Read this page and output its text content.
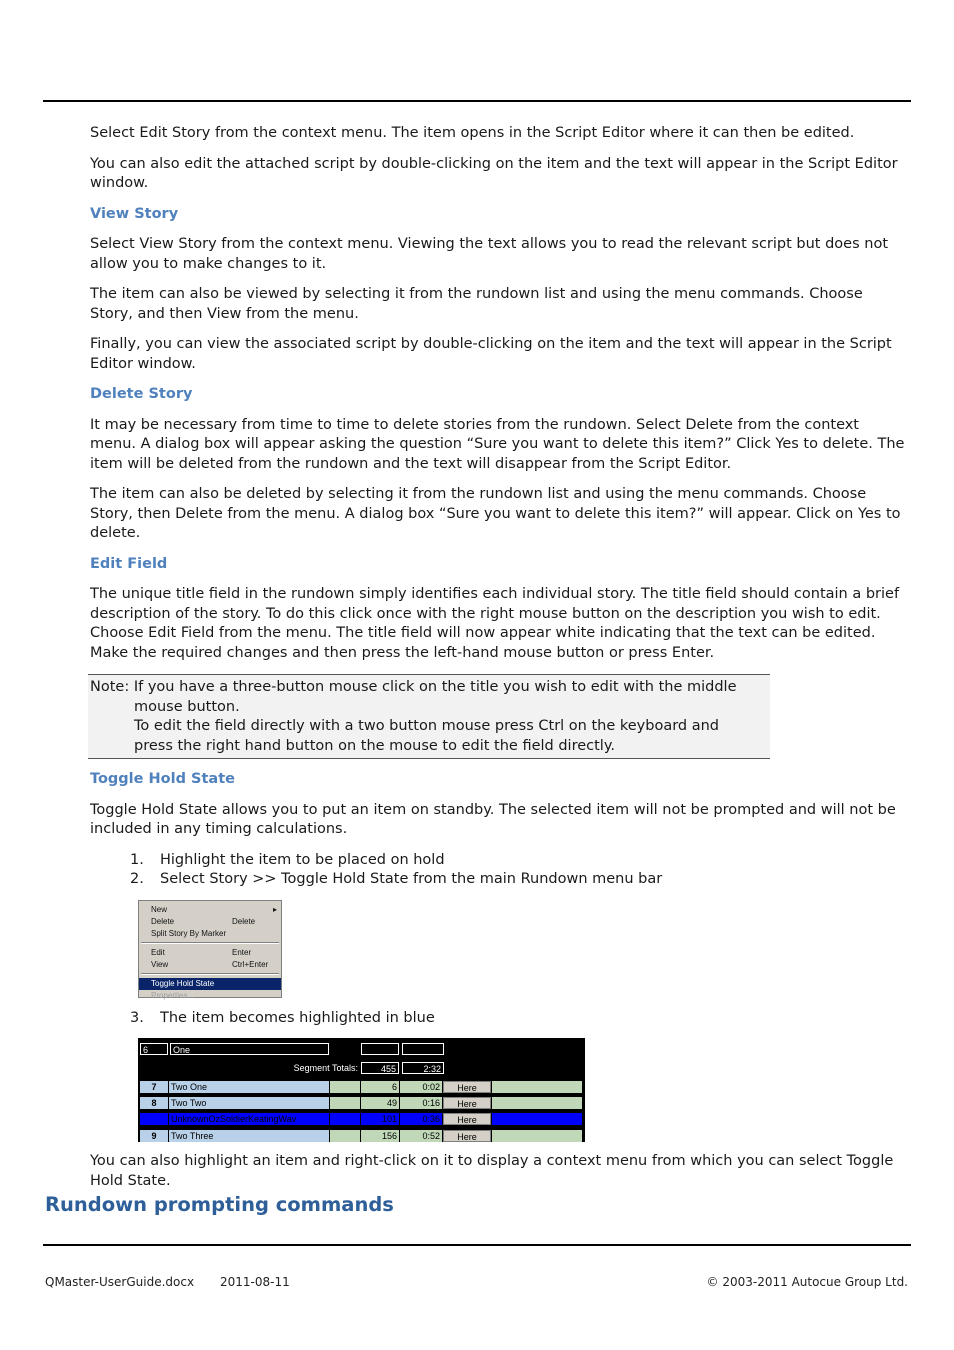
Select Edit Story from the context menu. The item opens in the Script Editor where it can then be edited.

You can also edit the attached script by double-clicking on the item and the text will appear in the Script Editor window.

View Story

Select View Story from the context menu. Viewing the text allows you to read the relevant script but does not allow you to make changes to it.

The item can also be viewed by selecting it from the rundown list and using the menu commands. Choose Story, and then View from the menu.

Finally, you can view the associated script by double-clicking on the item and the text will appear in the Script Editor window.

Delete Story

It may be necessary from time to time to delete stories from the rundown. Select Delete from the context menu. A dialog box will appear asking the question “Sure you want to delete this item?” Click Yes to delete. The item will be deleted from the rundown and the text will disappear from the Script Editor.

The item can also be deleted by selecting it from the rundown list and using the menu commands. Choose Story, then Delete from the menu. A dialog box “Sure you want to delete this item?” will appear. Click on Yes to delete.

Edit Field

The unique title field in the rundown simply identifies each individual story. The title field should contain a brief description of the story. To do this click once with the right mouse button on the description you wish to edit. Choose Edit Field from the menu. The title field will now appear white indicating that the text can be edited. Make the required changes and then press the left-hand mouse button or press Enter.

Note: If you have a three-button mouse click on the title you wish to edit with the middle
mouse button.
To edit the field directly with a two button mouse press Ctrl on the keyboard and
press the right hand button on the mouse to edit the field directly.
Toggle Hold State

Toggle Hold State allows you to put an item on standby. The selected item will not be prompted and will not be included in any timing calculations.

1. Highlight the item to be placed on hold
2. Select Story >> Toggle Hold State from the main Rundown menu bar
New	▸
Delete	Delete
Split Story By Marker
Edit	Enter
View	Ctrl+Enter
Toggle Hold State
Properties...
3. The item becomes highlighted in blue
6	One
Segment Totals:	455	2:32
7	Two One	6	0:02	Here
8	Two Two	49	0:16	Here
UnknownOzSoldierKeatingWav	101	0:36	Here
9	Two Three	156	0:52	Here

You can also highlight an item and right-click on it to display a context menu from which you can select Toggle Hold State.

Rundown prompting commands
QMaster-UserGuide.docx 2011-08-11	© 2003-2011 Autocue Group Ltd.
